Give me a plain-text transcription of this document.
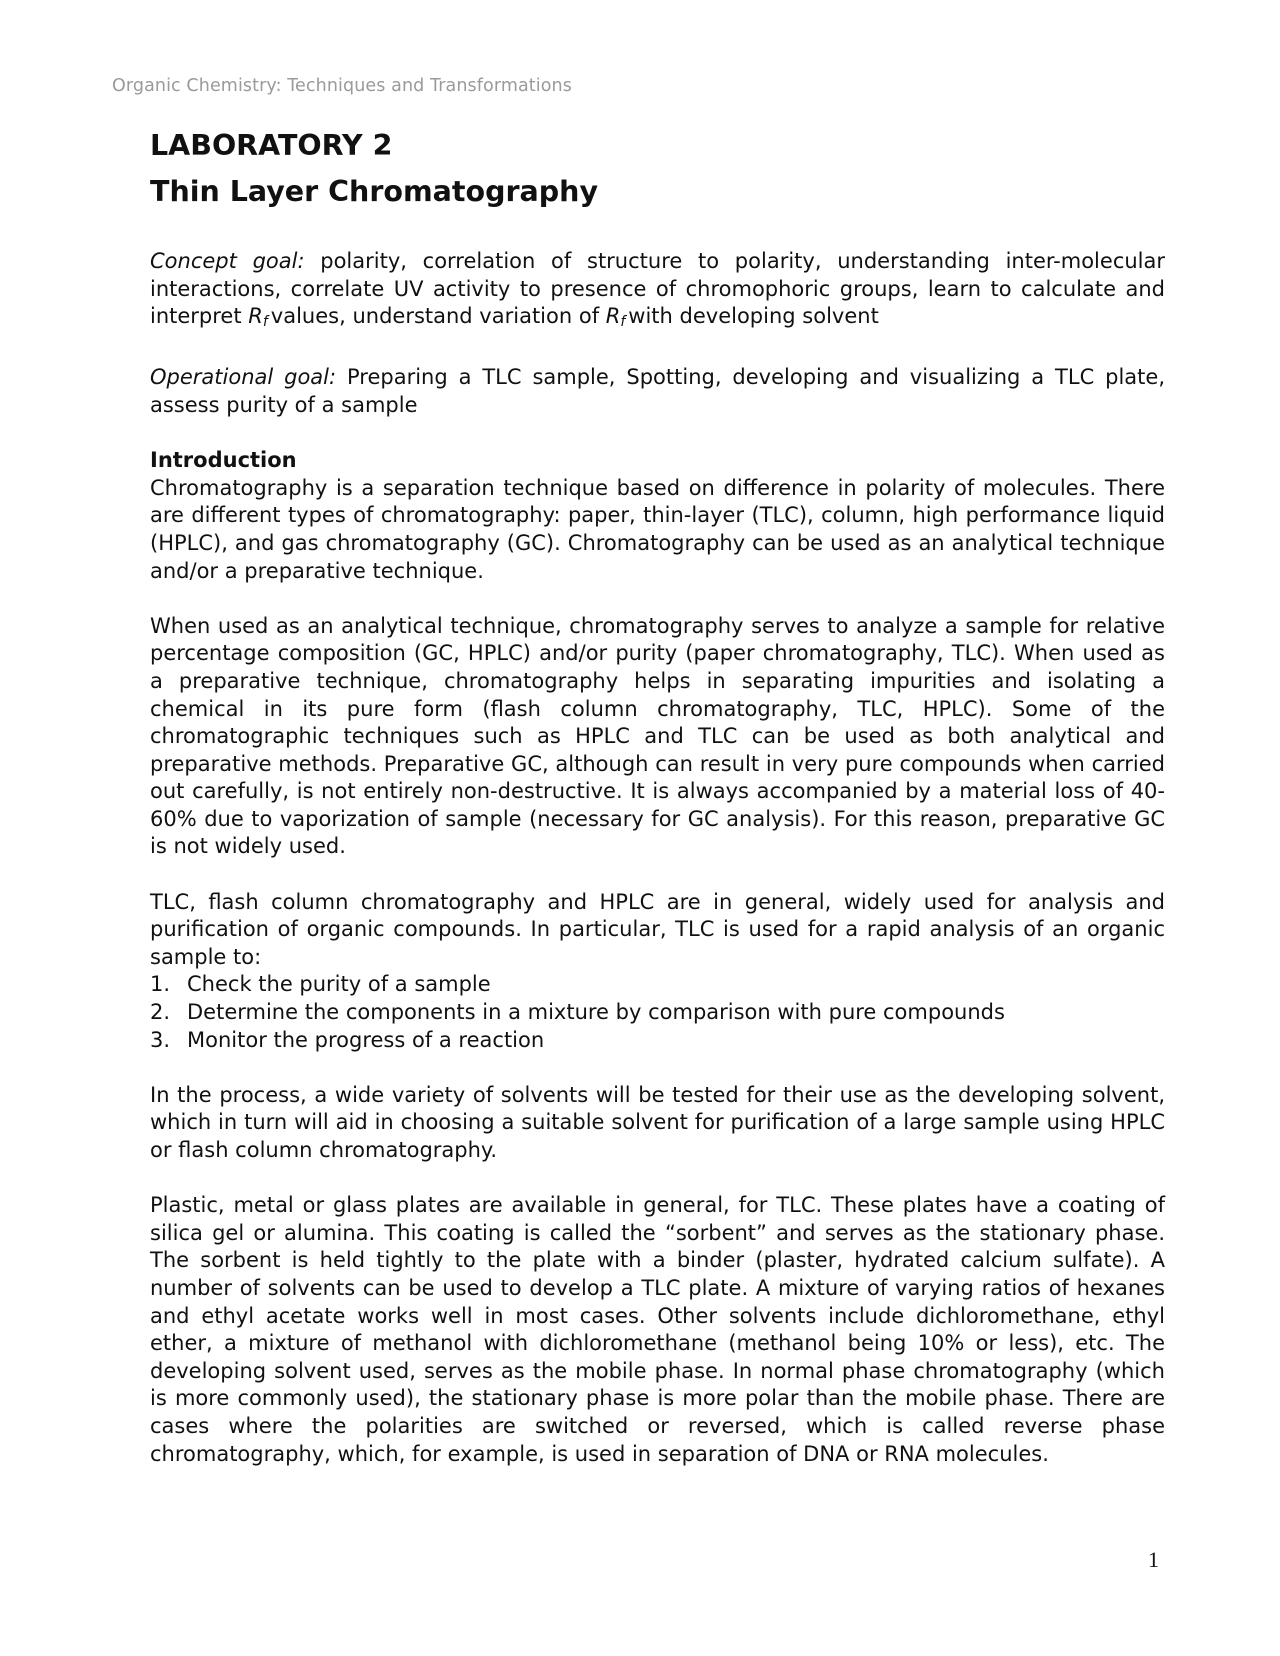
Organic Chemistry: Techniques and Transformations
LABORATORY 2
Thin Layer Chromatography

Concept goal: polarity, correlation of structure to polarity, understanding inter-molecular interactions, correlate UV activity to presence of chromophoric groups, learn to calculate and interpret $R_f$ values, understand variation of $R_f$ with developing solvent

Operational goal: Preparing a TLC sample, Spotting, developing and visualizing a TLC plate, assess purity of a sample

Introduction

Chromatography is a separation technique based on difference in polarity of molecules. There are different types of chromatography: paper, thin-layer (TLC), column, high performance liquid (HPLC), and gas chromatography (GC). Chromatography can be used as an analytical technique and/or a preparative technique.

When used as an analytical technique, chromatography serves to analyze a sample for relative percentage composition (GC, HPLC) and/or purity (paper chromatography, TLC). When used as a preparative technique, chromatography helps in separating impurities and isolating a chemical in its pure form (flash column chromatography, TLC, HPLC). Some of the chromatographic techniques such as HPLC and TLC can be used as both analytical and preparative methods. Preparative GC, although can result in very pure compounds when carried out carefully, is not entirely non-destructive. It is always accompanied by a material loss of 40-60% due to vaporization of sample (necessary for GC analysis). For this reason, preparative GC is not widely used.

TLC, flash column chromatography and HPLC are in general, widely used for analysis and purification of organic compounds. In particular, TLC is used for a rapid analysis of an organic sample to:

1. Check the purity of a sample
2. Determine the components in a mixture by comparison with pure compounds
3. Monitor the progress of a reaction

In the process, a wide variety of solvents will be tested for their use as the developing solvent, which in turn will aid in choosing a suitable solvent for purification of a large sample using HPLC or flash column chromatography.

Plastic, metal or glass plates are available in general, for TLC. These plates have a coating of silica gel or alumina. This coating is called the “sorbent” and serves as the stationary phase. The sorbent is held tightly to the plate with a binder (plaster, hydrated calcium sulfate). A number of solvents can be used to develop a TLC plate. A mixture of varying ratios of hexanes and ethyl acetate works well in most cases. Other solvents include dichloromethane, ethyl ether, a mixture of methanol with dichloromethane (methanol being 10% or less), etc. The developing solvent used, serves as the mobile phase. In normal phase chromatography (which is more commonly used), the stationary phase is more polar than the mobile phase. There are cases where the polarities are switched or reversed, which is called reverse phase chromatography, which, for example, is used in separation of DNA or RNA molecules.

1
